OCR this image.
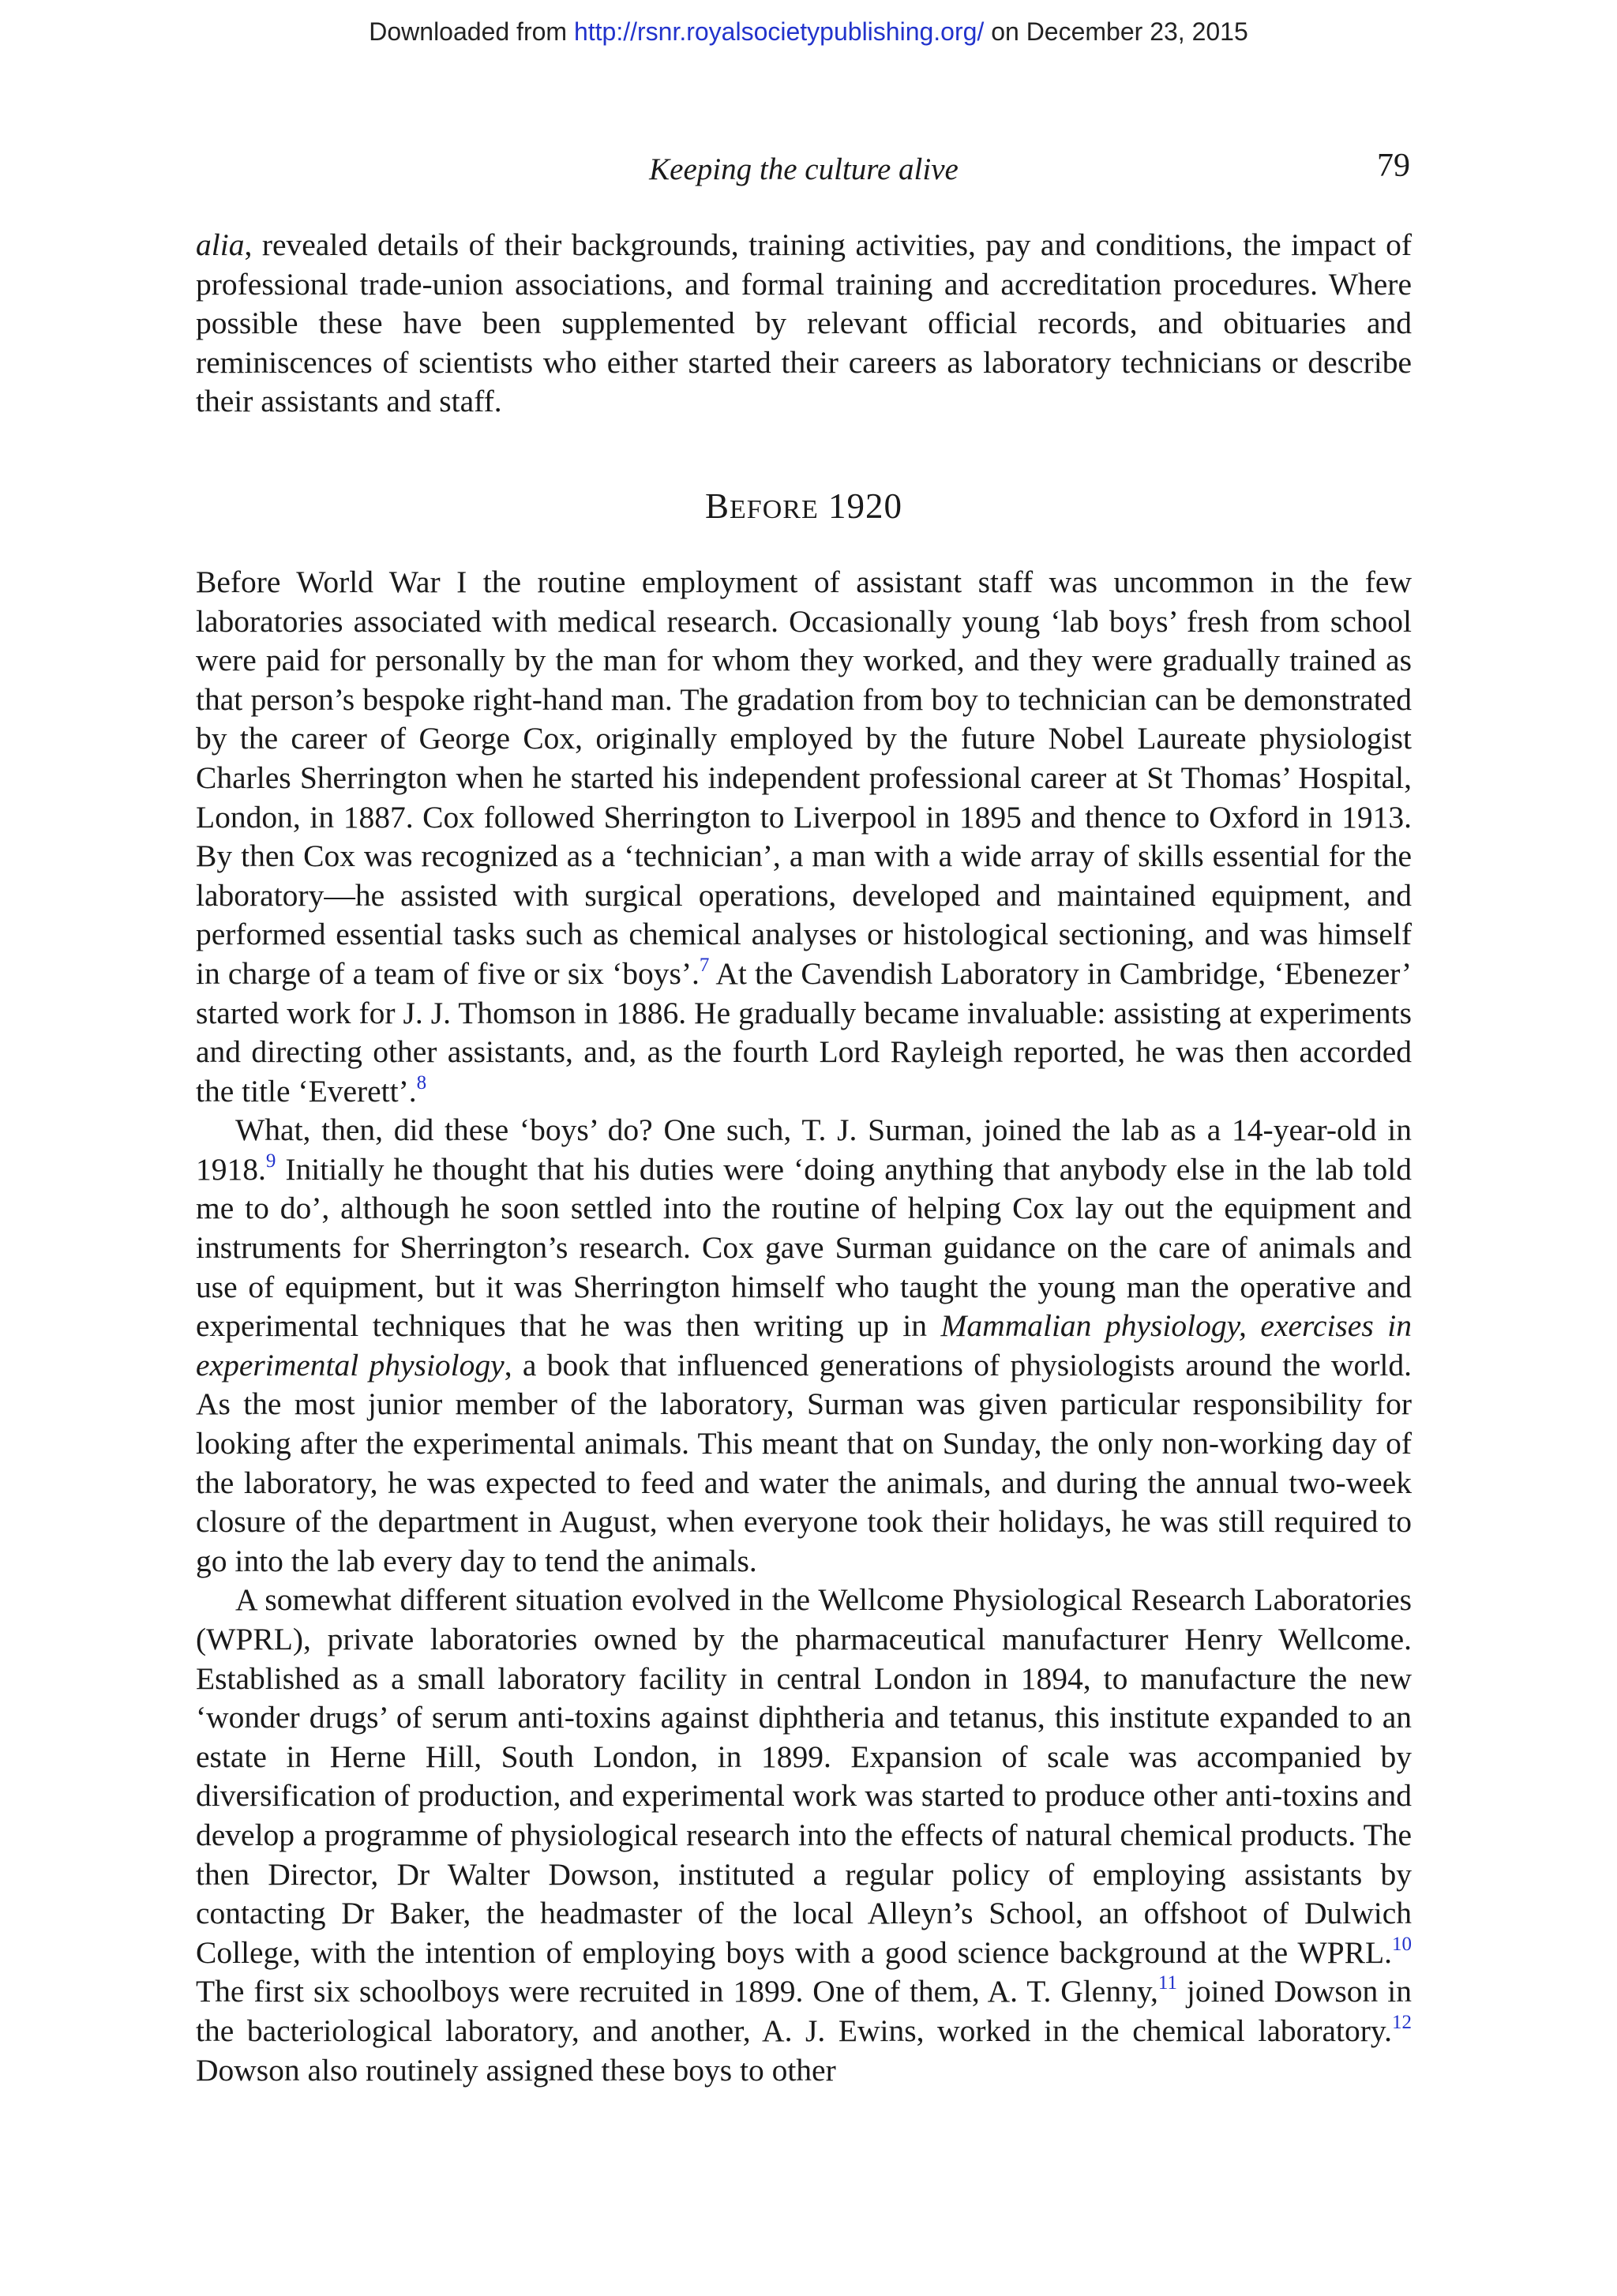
Downloaded from http://rsnr.royalsocietypublishing.org/ on December 23, 2015
Keeping the culture alive	79

alia, revealed details of their backgrounds, training activities, pay and conditions, the impact of professional trade-union associations, and formal training and accreditation procedures. Where possible these have been supplemented by relevant official records, and obituaries and reminiscences of scientists who either started their careers as laboratory technicians or describe their assistants and staff.

BEFORE 1920

Before World War I the routine employment of assistant staff was uncommon in the few laboratories associated with medical research. Occasionally young ‘lab boys’ fresh from school were paid for personally by the man for whom they worked, and they were gradually trained as that person’s bespoke right-hand man. The gradation from boy to technician can be demonstrated by the career of George Cox, originally employed by the future Nobel Laureate physiologist Charles Sherrington when he started his independent professional career at St Thomas’ Hospital, London, in 1887. Cox followed Sherrington to Liverpool in 1895 and thence to Oxford in 1913. By then Cox was recognized as a ‘technician’, a man with a wide array of skills essential for the laboratory—he assisted with surgical operations, developed and maintained equipment, and performed essential tasks such as chemical analyses or histological sectioning, and was himself in charge of a team of five or six ‘boys’.$^7$ At the Cavendish Laboratory in Cambridge, ‘Ebenezer’ started work for J. J. Thomson in 1886. He gradually became invaluable: assisting at experiments and directing other assistants, and, as the fourth Lord Rayleigh reported, he was then accorded the title ‘Everett’.$^8$

What, then, did these ‘boys’ do? One such, T. J. Surman, joined the lab as a 14-year-old in 1918.$^9$ Initially he thought that his duties were ‘doing anything that anybody else in the lab told me to do’, although he soon settled into the routine of helping Cox lay out the equipment and instruments for Sherrington’s research. Cox gave Surman guidance on the care of animals and use of equipment, but it was Sherrington himself who taught the young man the operative and experimental techniques that he was then writing up in Mammalian physiology, exercises in experimental physiology, a book that influenced generations of physiologists around the world. As the most junior member of the laboratory, Surman was given particular responsibility for looking after the experimental animals. This meant that on Sunday, the only non-working day of the laboratory, he was expected to feed and water the animals, and during the annual two-week closure of the department in August, when everyone took their holidays, he was still required to go into the lab every day to tend the animals.

A somewhat different situation evolved in the Wellcome Physiological Research Laboratories (WPRL), private laboratories owned by the pharmaceutical manufacturer Henry Wellcome. Established as a small laboratory facility in central London in 1894, to manufacture the new ‘wonder drugs’ of serum anti-toxins against diphtheria and tetanus, this institute expanded to an estate in Herne Hill, South London, in 1899. Expansion of scale was accompanied by diversification of production, and experimental work was started to produce other anti-toxins and develop a programme of physiological research into the effects of natural chemical products. The then Director, Dr Walter Dowson, instituted a regular policy of employing assistants by contacting Dr Baker, the headmaster of the local Alleyn’s School, an offshoot of Dulwich College, with the intention of employing boys with a good science background at the WPRL.$^{10}$ The first six schoolboys were recruited in 1899. One of them, A. T. Glenny,$^{11}$ joined Dowson in the bacteriological laboratory, and another, A. J. Ewins, worked in the chemical laboratory.$^{12}$ Dowson also routinely assigned these boys to other
